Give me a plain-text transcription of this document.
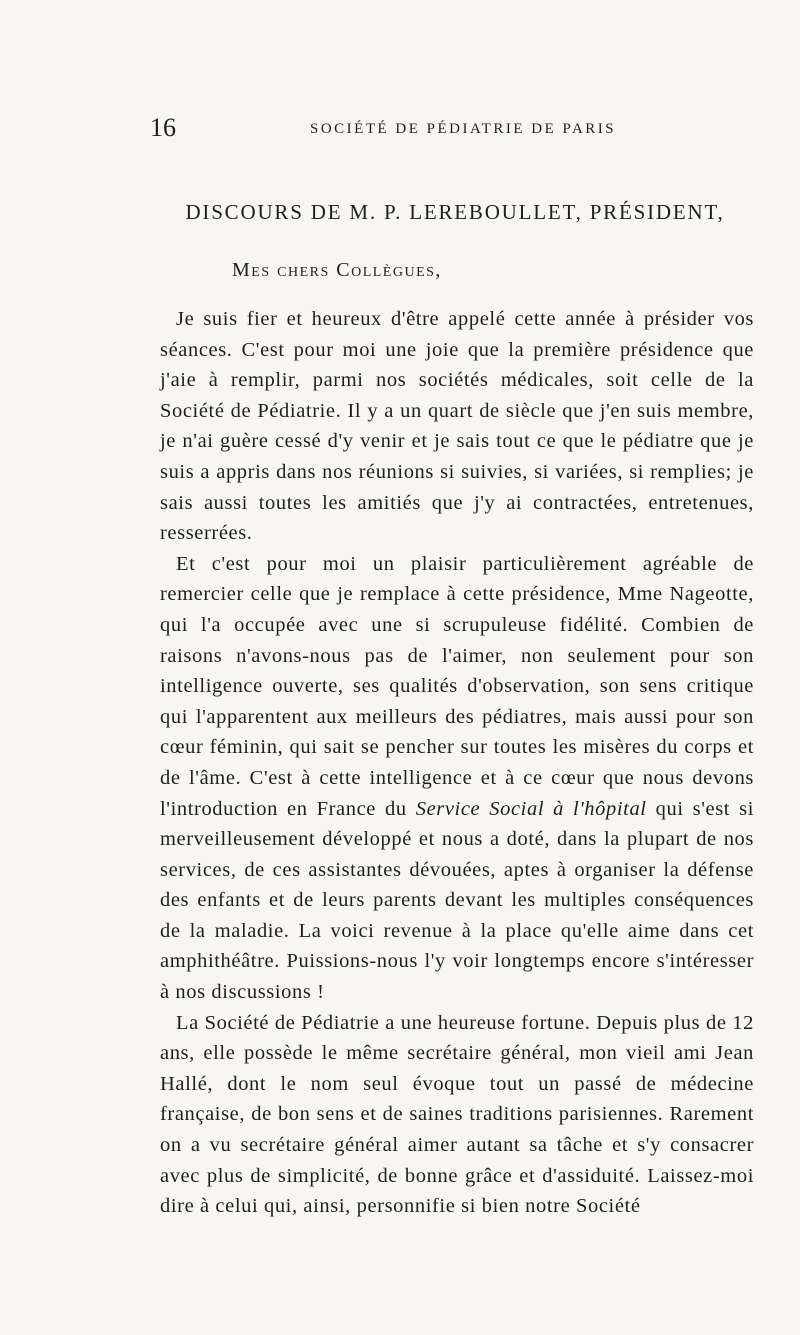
16	SOCIÉTÉ DE PÉDIATRIE DE PARIS
DISCOURS DE M. P. LEREBOULLET, PRÉSIDENT,
Mes chers Collègues,

Je suis fier et heureux d'être appelé cette année à présider vos séances. C'est pour moi une joie que la première présidence que j'aie à remplir, parmi nos sociétés médicales, soit celle de la Société de Pédiatrie. Il y a un quart de siècle que j'en suis membre, je n'ai guère cessé d'y venir et je sais tout ce que le pédiatre que je suis a appris dans nos réunions si suivies, si variées, si remplies; je sais aussi toutes les amitiés que j'y ai contractées, entretenues, resserrées.

Et c'est pour moi un plaisir particulièrement agréable de remercier celle que je remplace à cette présidence, Mme Nageotte, qui l'a occupée avec une si scrupuleuse fidélité. Combien de raisons n'avons-nous pas de l'aimer, non seulement pour son intelligence ouverte, ses qualités d'observation, son sens critique qui l'apparentent aux meilleurs des pédiatres, mais aussi pour son cœur féminin, qui sait se pencher sur toutes les misères du corps et de l'âme. C'est à cette intelligence et à ce cœur que nous devons l'introduction en France du Service Social à l'hôpital qui s'est si merveilleusement développé et nous a doté, dans la plupart de nos services, de ces assistantes dévouées, aptes à organiser la défense des enfants et de leurs parents devant les multiples conséquences de la maladie. La voici revenue à la place qu'elle aime dans cet amphithéâtre. Puissions-nous l'y voir longtemps encore s'intéresser à nos discussions !

La Société de Pédiatrie a une heureuse fortune. Depuis plus de 12 ans, elle possède le même secrétaire général, mon vieil ami Jean Hallé, dont le nom seul évoque tout un passé de médecine française, de bon sens et de saines traditions parisiennes. Rarement on a vu secrétaire général aimer autant sa tâche et s'y consacrer avec plus de simplicité, de bonne grâce et d'assiduité. Laissez-moi dire à celui qui, ainsi, personnifie si bien notre Société
